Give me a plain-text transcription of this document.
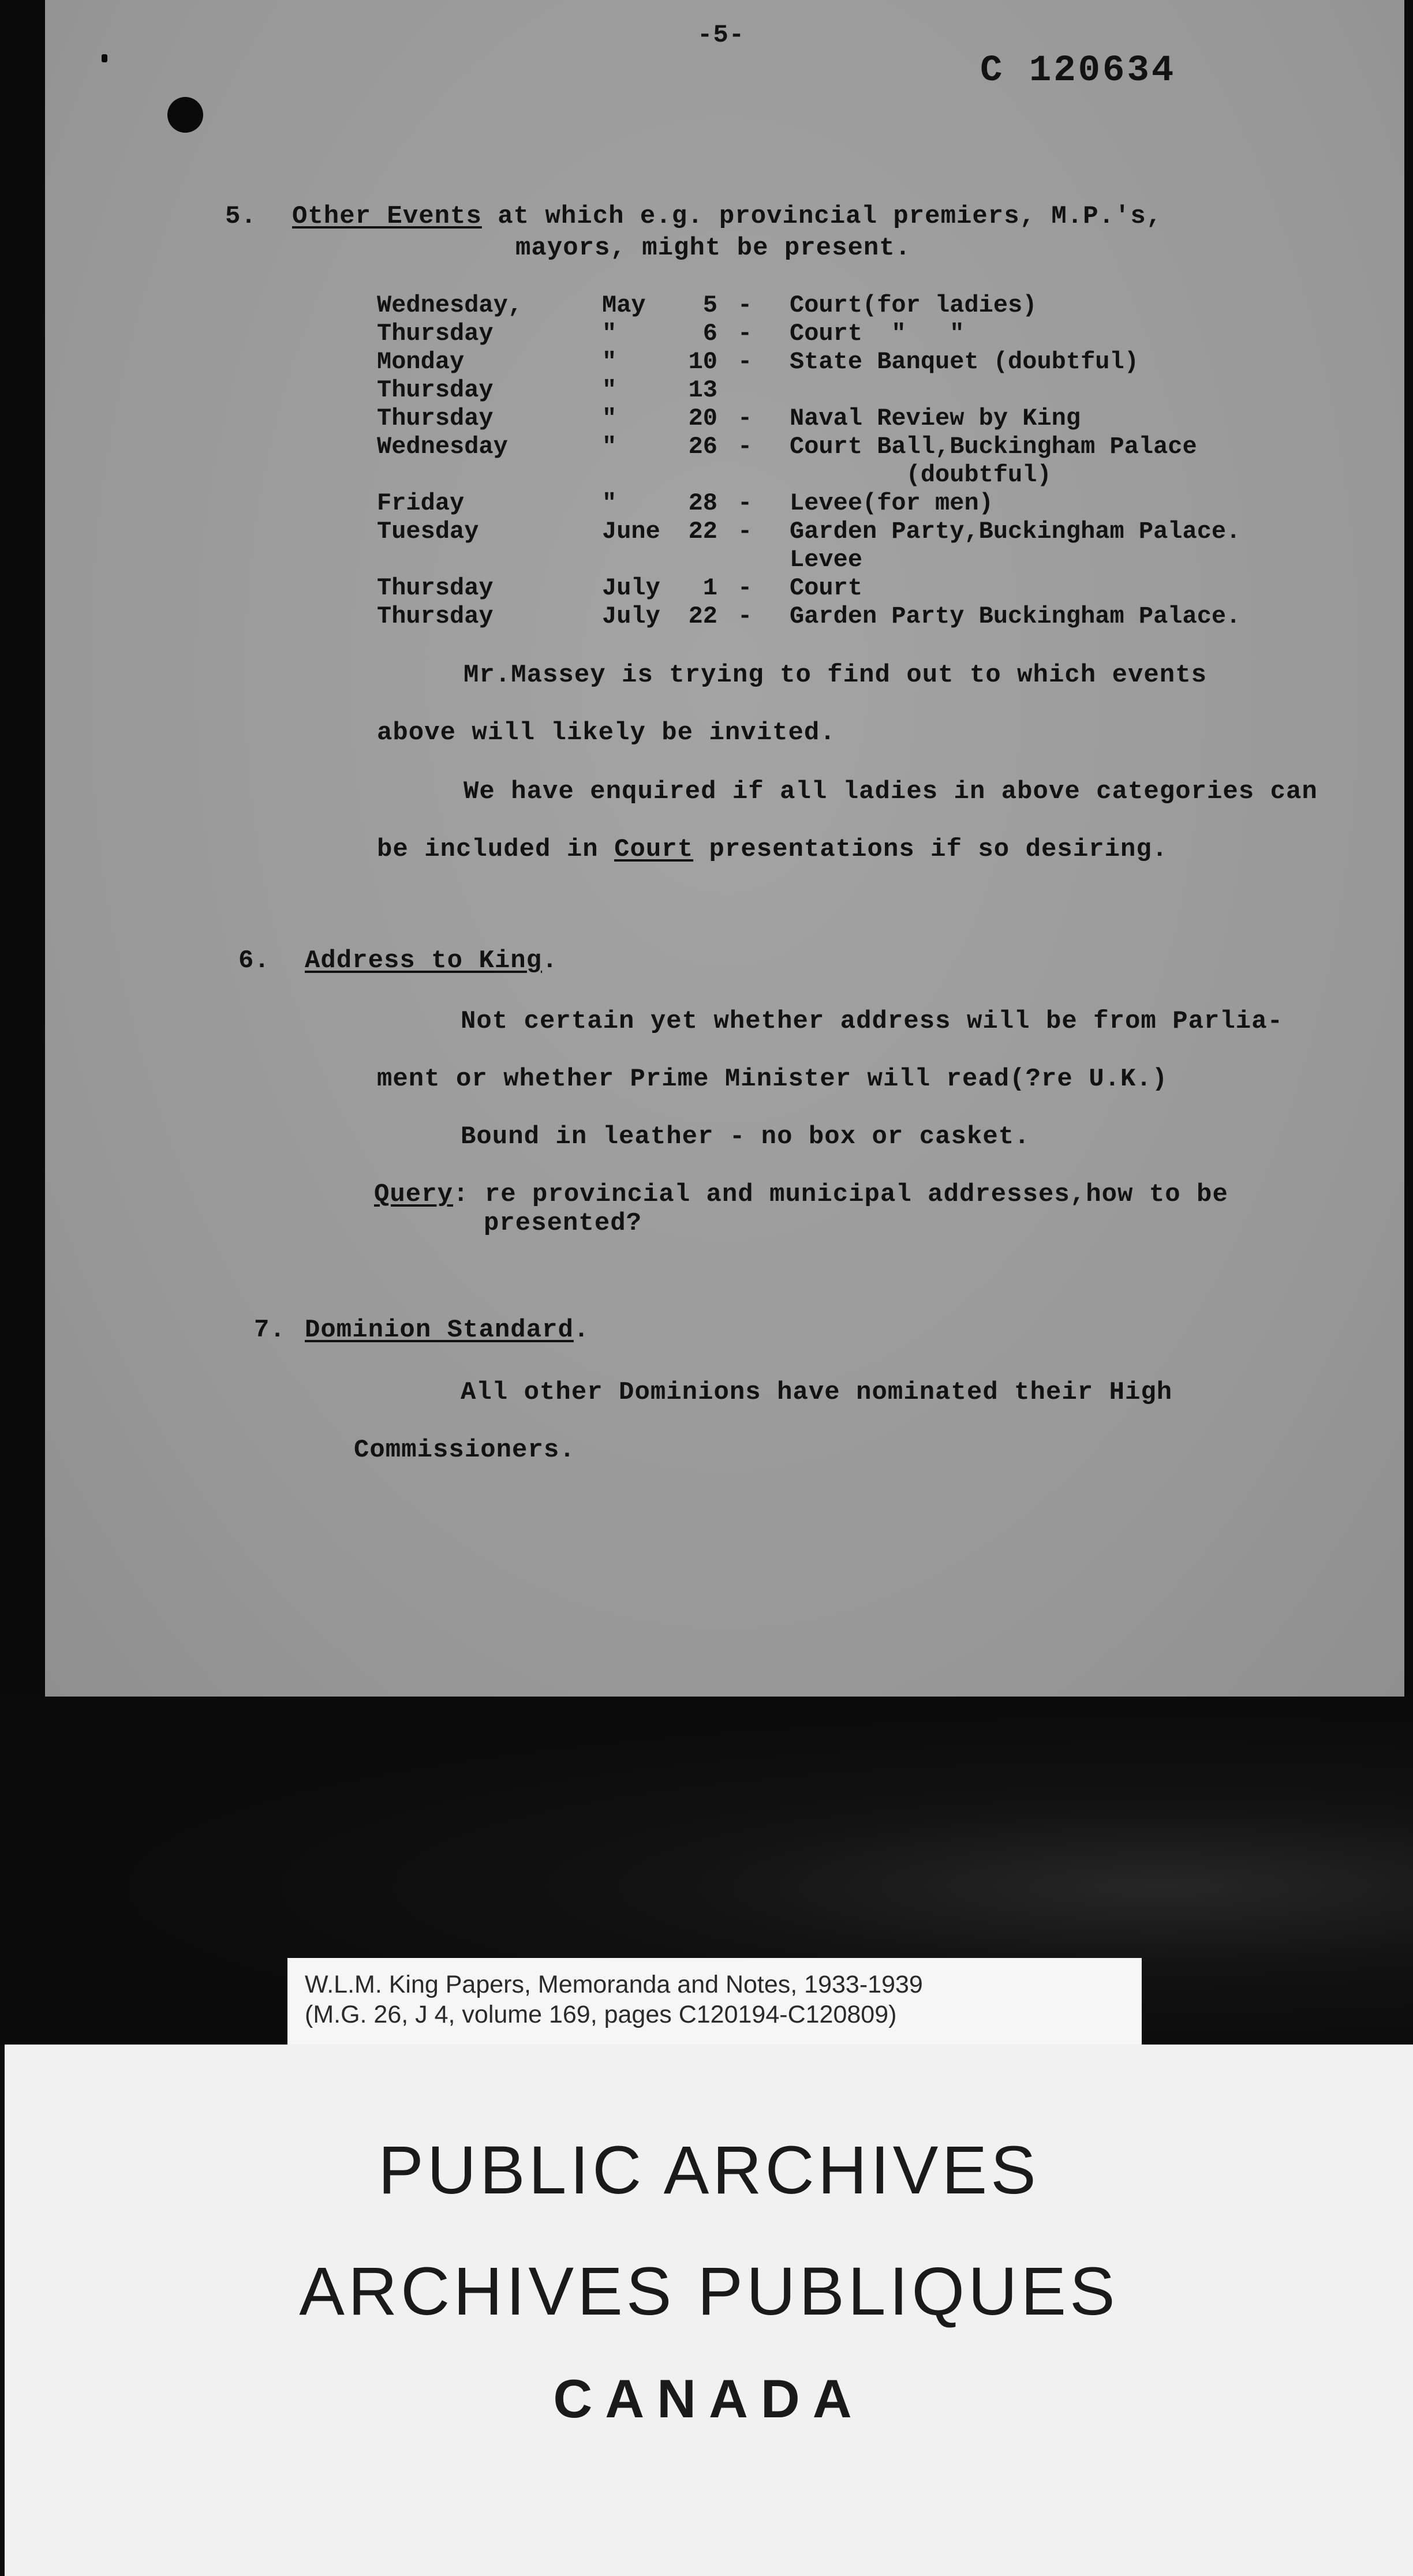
-5-
C 120634
5. Other Events at which e.g. provincial premiers, M.P.'s,
mayors, might be present.
Wednesday,	May	5 - Court(for ladies)
Thursday	"	6 - Court  "   "
Monday	"	10 - State Banquet (doubtful)
Thursday	"	13
Thursday	"	20 - Naval Review by King
Wednesday	"	26 - Court Ball,Buckingham Palace
(doubtful)
Friday	"	28 - Levee(for men)
Tuesday	June	22 - Garden Party,Buckingham Palace.
Levee
Thursday	July	1 - Court
Thursday	July	22 - Garden Party Buckingham Palace.
Mr.Massey is trying to find out to which events
above will likely be invited.
We have enquired if all ladies in above categories can
be included in Court presentations if so desiring.
6. Address to King.
Not certain yet whether address will be from Parlia-
ment or whether Prime Minister will read(?re U.K.)
Bound in leather - no box or casket.
Query: re provincial and municipal addresses,how to be
presented?
7. Dominion Standard.
All other Dominions have nominated their High
Commissioners.
W.L.M. King Papers, Memoranda and Notes, 1933-1939
(M.G. 26, J 4, volume 169, pages C120194-C120809)
PUBLIC ARCHIVES
ARCHIVES PUBLIQUES
CANADA
